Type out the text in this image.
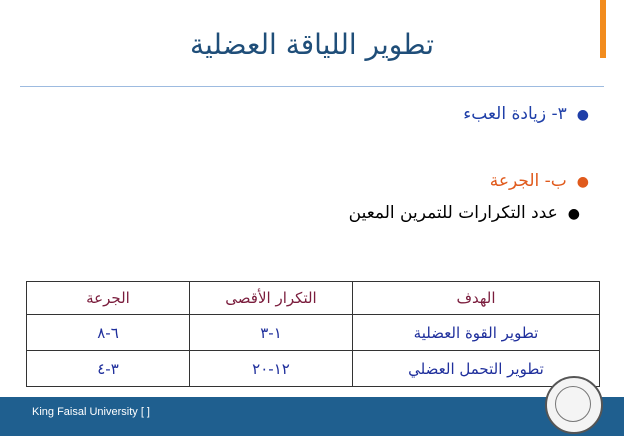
تطوير اللياقة العضلية
●٣- زيادة العبء
●ب- الجرعة
●عدد التكرارات للتمرين المعين
الهدف	التكرار الأقصى	الجرعة
تطوير القوة العضلية	١-٣	٦-٨
تطوير التحمل العضلي	١٢-٢٠	٣-٤
King Faisal University [ ]
